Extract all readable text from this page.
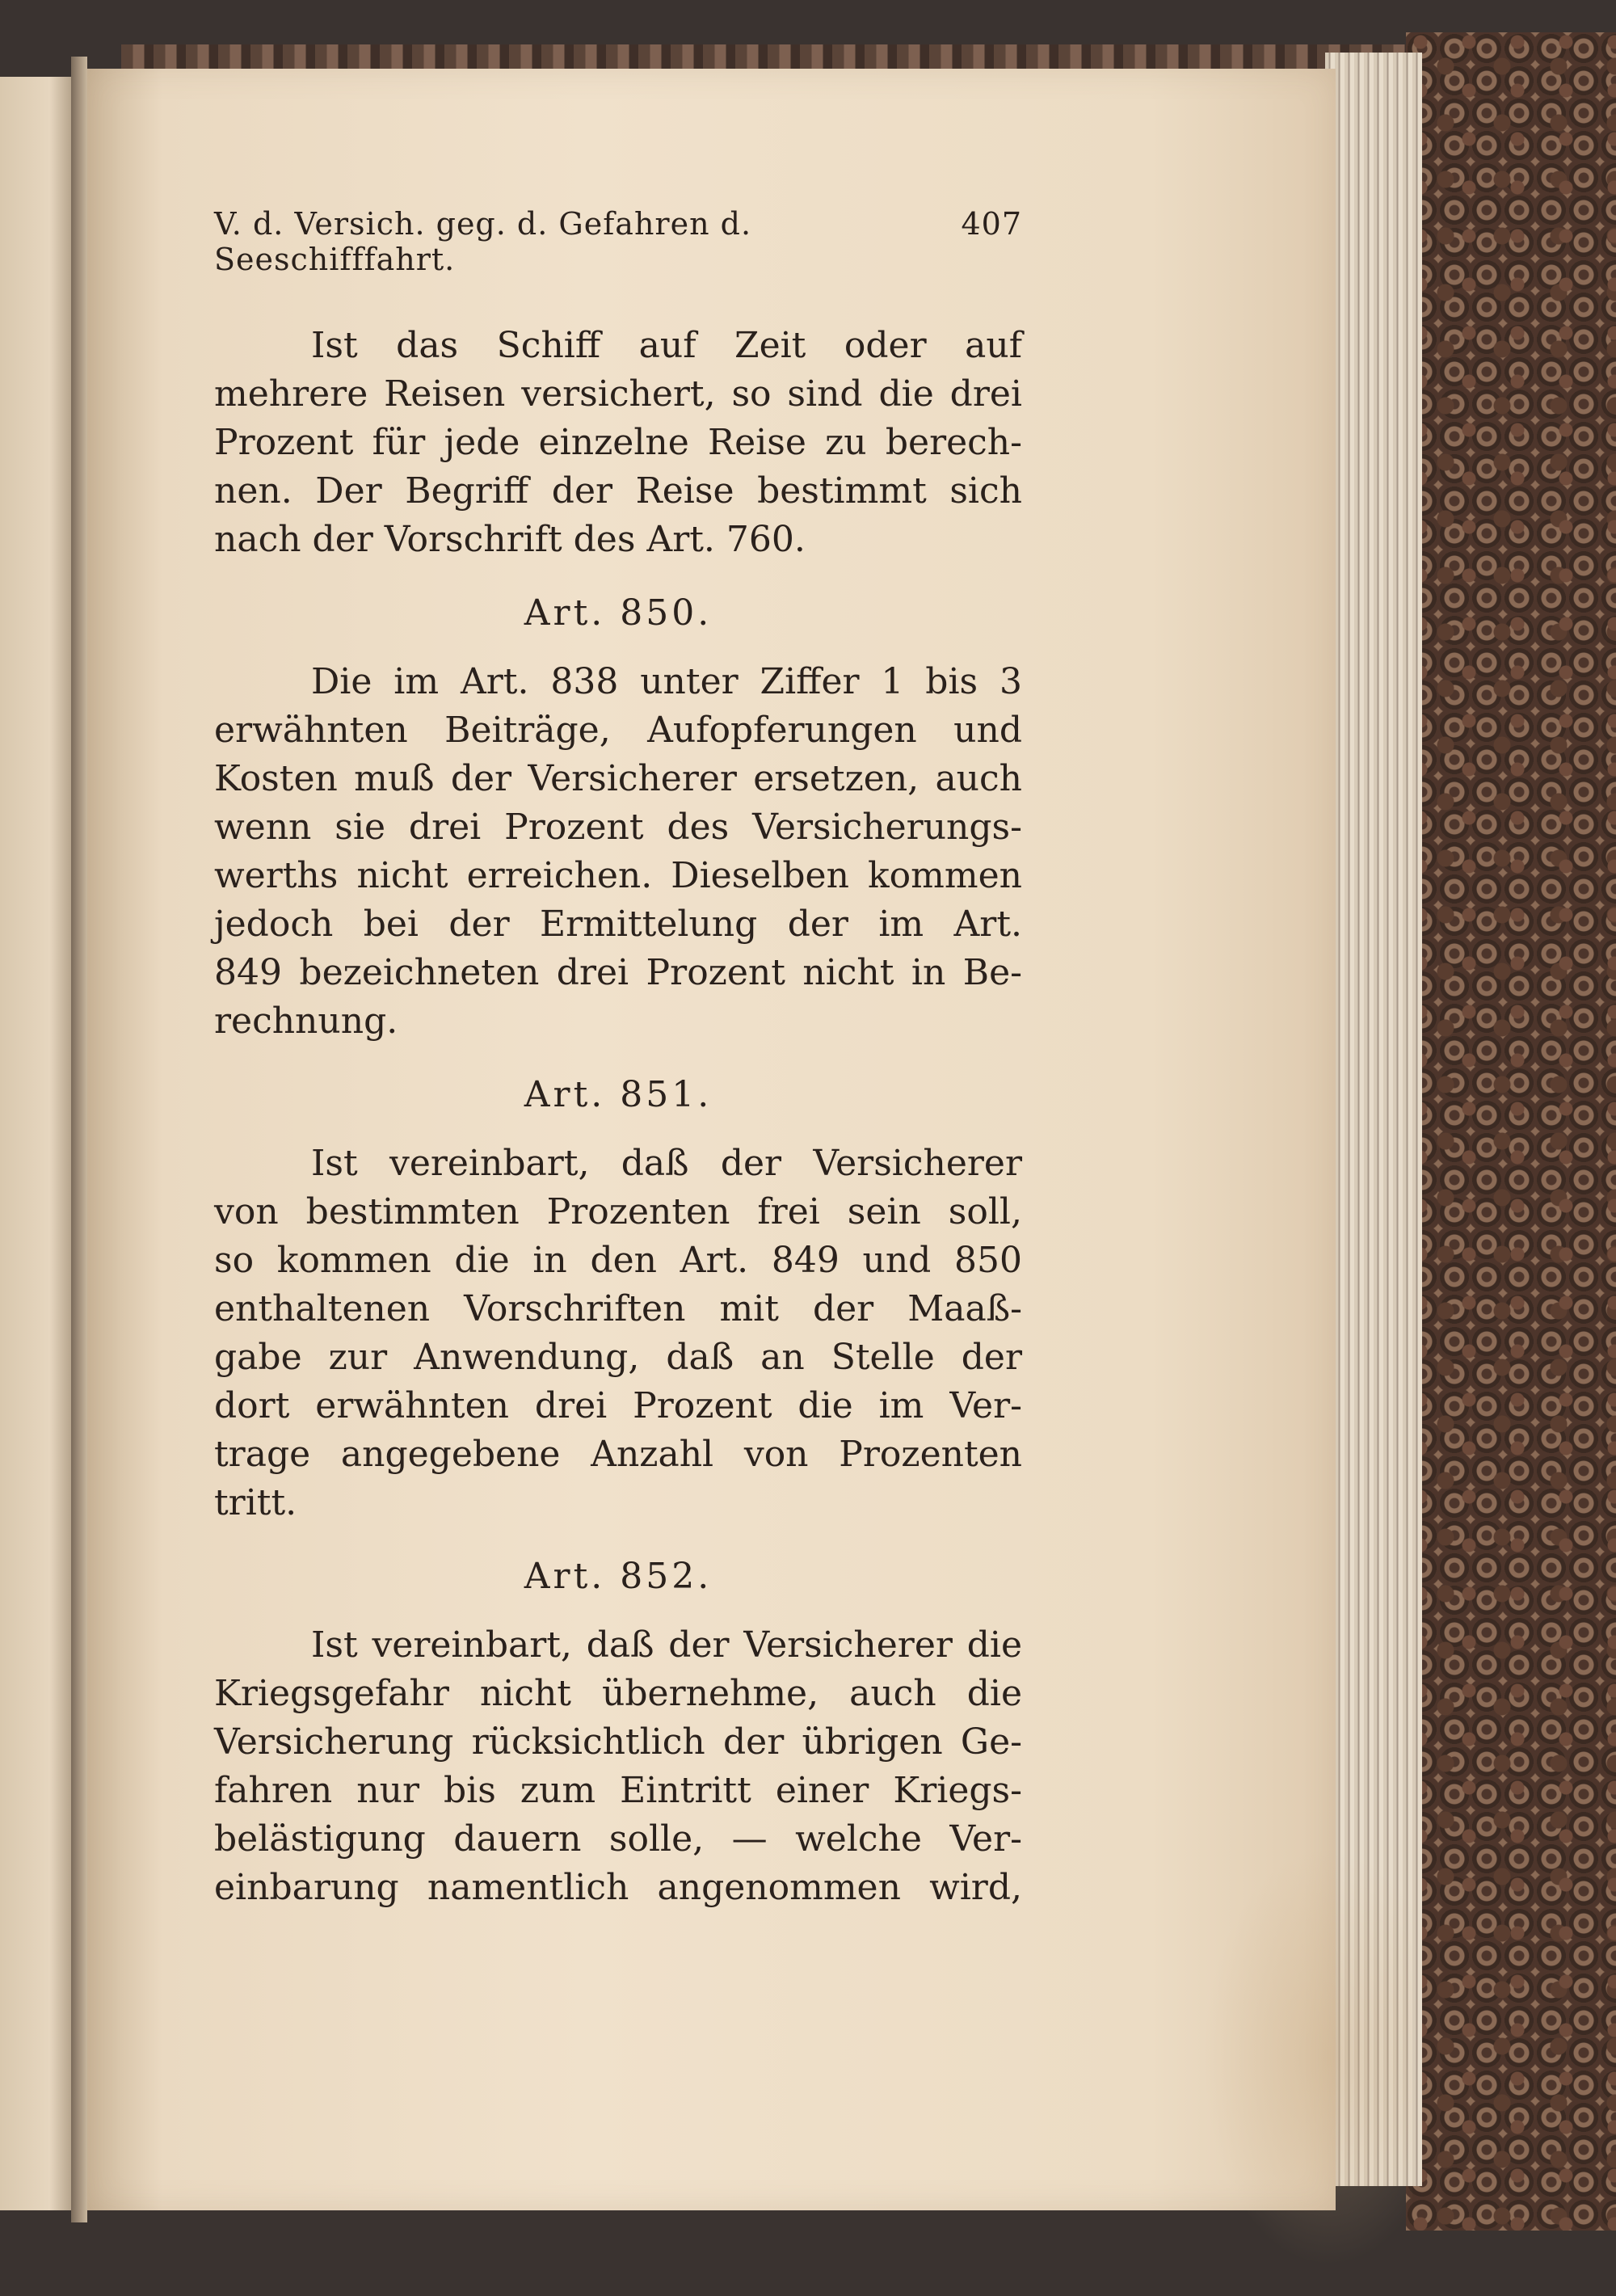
V. d. Versich. geg. d. Gefahren d. Seeschifffahrt.
407

Ist das Schiff auf Zeit oder auf
mehrere Reisen versichert, so sind die drei
Prozent für jede einzelne Reise zu berech-
nen. Der Begriff der Reise bestimmt sich
nach der Vorschrift des Art. 760.

Art. 850.

Die im Art. 838 unter Ziffer 1 bis 3
erwähnten Beiträge, Aufopferungen und
Kosten muß der Versicherer ersetzen, auch
wenn sie drei Prozent des Versicherungs-
werths nicht erreichen. Dieselben kommen
jedoch bei der Ermittelung der im Art.
849 bezeichneten drei Prozent nicht in Be-
rechnung.

Art. 851.

Ist vereinbart, daß der Versicherer
von bestimmten Prozenten frei sein soll,
so kommen die in den Art. 849 und 850
enthaltenen Vorschriften mit der Maaß-
gabe zur Anwendung, daß an Stelle der
dort erwähnten drei Prozent die im Ver-
trage angegebene Anzahl von Prozenten tritt.

Art. 852.

Ist vereinbart, daß der Versicherer die
Kriegsgefahr nicht übernehme, auch die
Versicherung rücksichtlich der übrigen Ge-
fahren nur bis zum Eintritt einer Kriegs-
belästigung dauern solle, — welche Ver-
einbarung namentlich angenommen wird,
